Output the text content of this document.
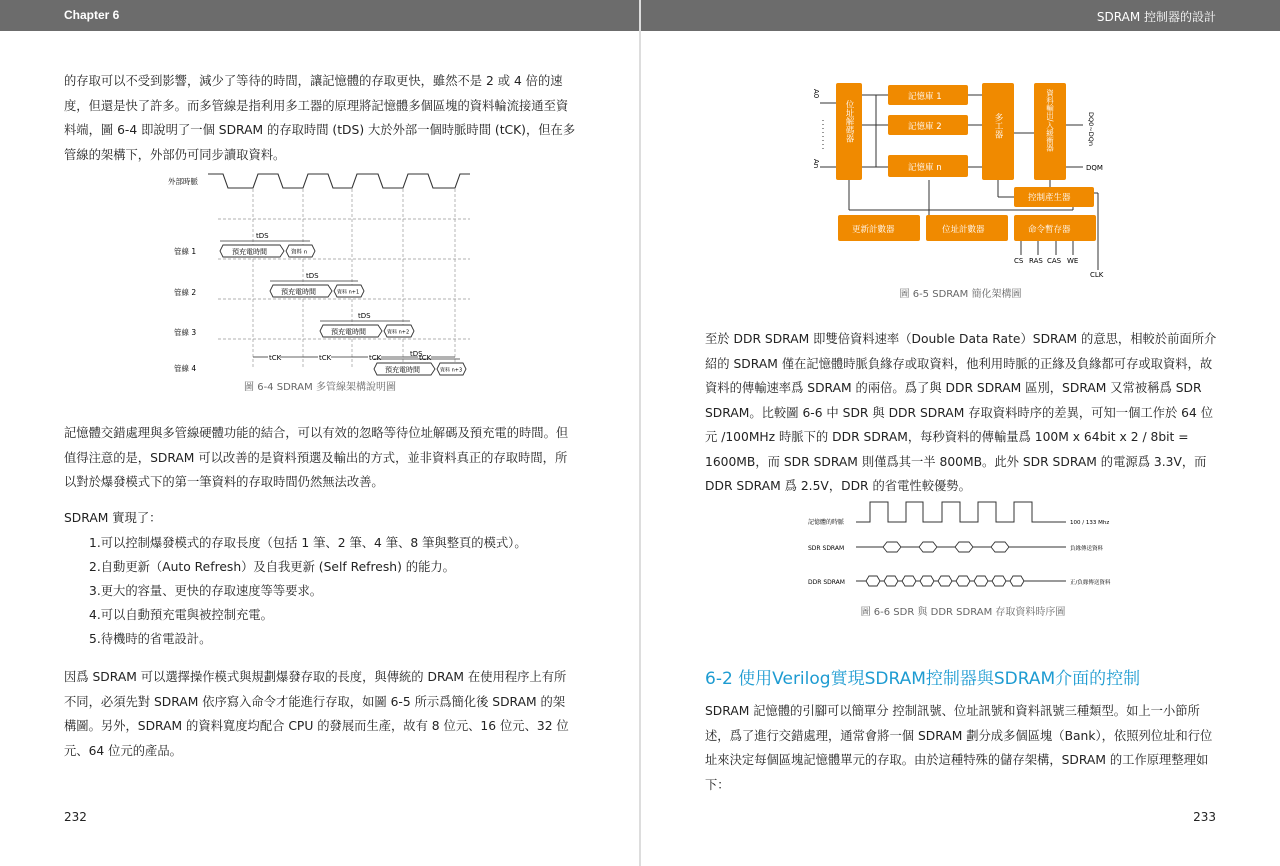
Chapter 6	SDRAM 控制器的設計

的存取可以不受到影響，減少了等待的時間，讓記憶體的存取更快，雖然不是 2 或 4 倍的速度，但還是快了許多。而多管線是指利用多工器的原理將記憶體多個區塊的資料輪流接通至資料端，圖 6-4 即說明了一個 SDRAM 的存取時間 (tDS) 大於外部一個時脈時間 (tCK)，但在多管線的架構下，外部仍可同步讀取資料。

外部時脈
管線 1
管線 2
管線 3
管線 4
預充電時間	資料 n
預充電時間	資料 n+1
預充電時間	資料 n+2
預充電時間	資料 n+3
tDS
tDS
tDS
tDS
tCK	tCK	tCK	tCK
圖 6-4 SDRAM 多管線架構說明圖

記憶體交錯處理與多管線硬體功能的結合，可以有效的忽略等待位址解碼及預充電的時間。但值得注意的是，SDRAM 可以改善的是資料預選及輸出的方式，並非資料真正的存取時間，所以對於爆發模式下的第一筆資料的存取時間仍然無法改善。

SDRAM 實現了：
1.可以控制爆發模式的存取長度（包括 1 筆、2 筆、4 筆、8 筆與整頁的模式）。
2.自動更新（Auto Refresh）及自我更新 (Self Refresh) 的能力。
3.更大的容量、更快的存取速度等等要求。
4.可以自動預充電與被控制充電。
5.待機時的省電設計。

因爲 SDRAM 可以選擇操作模式與規劃爆發存取的長度，與傳統的 DRAM 在使用程序上有所不同，必須先對 SDRAM 依序寫入命令才能進行存取，如圖 6-5 所示爲簡化後 SDRAM 的架構圖。另外，SDRAM 的資料寬度均配合 CPU 的發展而生產，故有 8 位元、16 位元、32 位元、64 位元的產品。

232
A0
An
位址解碼器
記憶庫 1
記憶庫 2
記憶庫 n
多工器	資料輸出/入緩衝器	DQ0~DQn
DQM
控制產生器
更新計數器	位址計數器	命令暫存器
CS RAS CAS WE
CLK
圖 6-5 SDRAM 簡化架構圖

至於 DDR SDRAM 即雙倍資料速率（Double Data Rate）SDRAM 的意思，相較於前面所介紹的 SDRAM 僅在記憶體時脈負緣存或取資料，他利用時脈的正緣及負緣都可存或取資料，故資料的傳輸速率爲 SDRAM 的兩倍。爲了與 DDR SDRAM 區別，SDRAM 又常被稱爲 SDR SDRAM。比較圖 6-6 中 SDR 與 DDR SDRAM 存取資料時序的差異，可知一個工作於 64 位元 /100MHz 時脈下的 DDR SDRAM，每秒資料的傳輸量爲 100M x 64bit x 2 / 8bit = 1600MB，而 SDR SDRAM 則僅爲其一半 800MB。此外 SDR SDRAM 的電源爲 3.3V，而 DDR SDRAM 爲 2.5V，DDR 的省電性較優勢。

記憶體的時脈
SDR SDRAM
DDR SDRAM
100 / 133 Mhz
負緣傳送資料
正/負緣傳送資料
圖 6-6 SDR 與 DDR SDRAM 存取資料時序圖
6-2 使用Verilog實現SDRAM控制器與SDRAM介面的控制

SDRAM 記憶體的引腳可以簡單分 控制訊號、位址訊號和資料訊號三種類型。如上一小節所述，爲了進行交錯處理，通常會將一個 SDRAM 劃分成多個區塊（Bank），依照列位址和行位址來決定每個區塊記憶體單元的存取。由於這種特殊的儲存架構，SDRAM 的工作原理整理如下：

233
